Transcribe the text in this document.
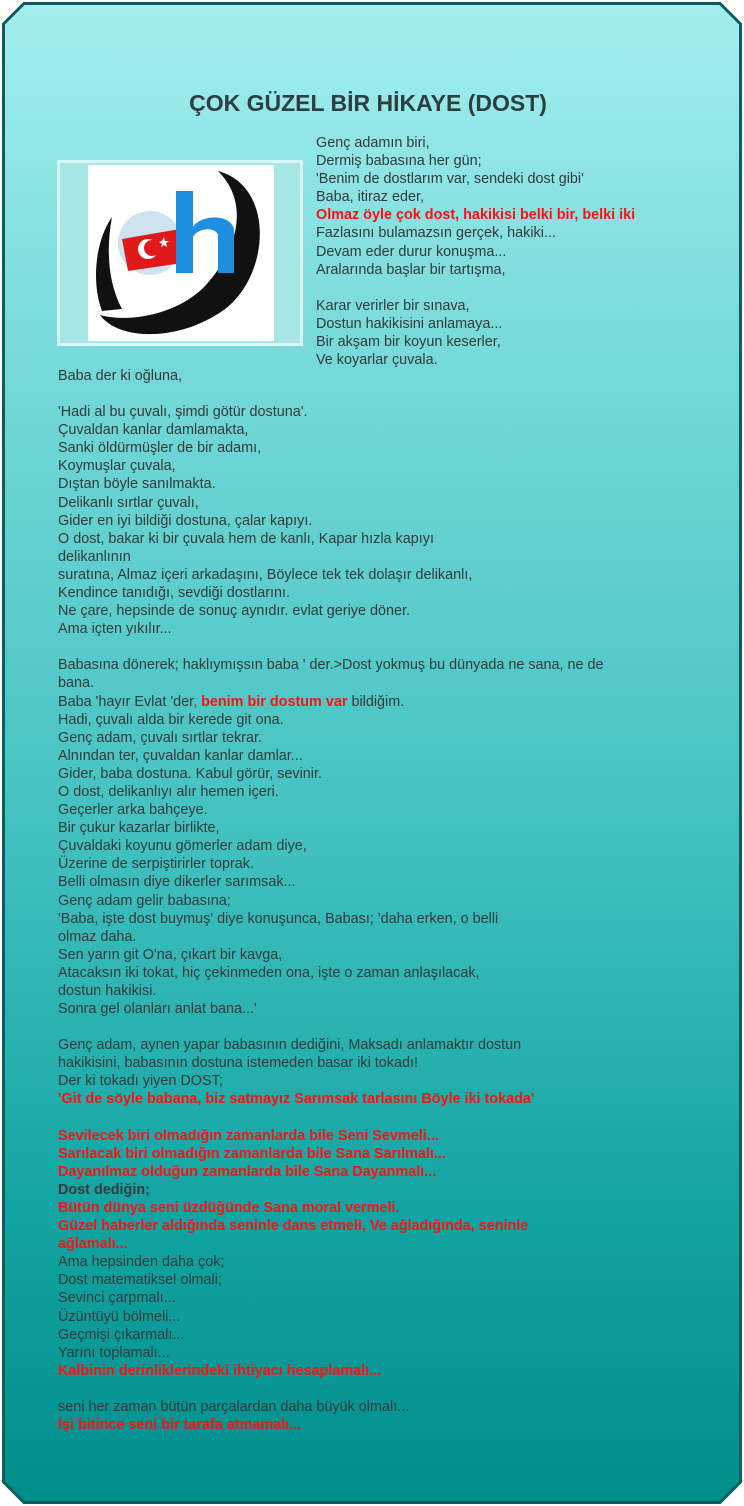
ÇOK GÜZEL BİR HİKAYE (DOST)

Genç adamın biri,

Dermiş babasına her gün;

'Benim de dostlarım var, sendeki dost gibi'

Baba, itiraz eder,

Olmaz öyle çok dost, hakikisi belki bir, belki iki

Fazlasını bulamazsın gerçek, hakiki...

Devam eder durur konuşma...

Aralarında başlar bir tartışma,

Karar verirler bir sınava,

Dostun hakikisini anlamaya...

Bir akşam bir koyun keserler,

Ve koyarlar çuvala.

Baba der ki oğluna,

'Hadi al bu çuvalı, şimdi götür dostuna'.

Çuvaldan kanlar damlamakta,

Sanki öldürmüşler de bir adamı,

Koymuşlar çuvala,

Dıştan böyle sanılmakta.

Delikanlı sırtlar çuvalı,

Gider en iyi bildiği dostuna, çalar kapıyı.

O dost, bakar ki bir çuvala hem de kanlı, Kapar hızla kapıyı

delikanlının

suratına, Almaz içeri arkadaşını, Böylece tek tek dolaşır delikanlı,

Kendince tanıdığı, sevdiği dostlarını.

Ne çare, hepsinde de sonuç aynıdır. evlat geriye döner.

Ama içten yıkılır...

Babasına dönerek; haklıymışsın baba ' der.>Dost yokmuş bu dünyada ne sana, ne de

bana.

Baba 'hayır Evlat 'der, benim bir dostum var bildiğim.

Hadi, çuvalı alda bir kerede git ona.

Genç adam, çuvalı sırtlar tekrar.

Alnından ter, çuvaldan kanlar damlar...

Gider, baba dostuna. Kabul görür, sevinir.

O dost, delikanlıyı alır hemen içeri.

Geçerler arka bahçeye.

Bir çukur kazarlar birlikte,

Çuvaldaki koyunu gömerler adam diye,

Üzerine de serpiştirirler toprak.

Belli olmasın diye dikerler sarımsak...

Genç adam gelir babasına;

'Baba, işte dost buymuş' diye konuşunca, Babası; 'daha erken, o belli

olmaz daha.

Sen yarın git O'na, çıkart bir kavga,

Atacaksın iki tokat, hiç çekinmeden ona, işte o zaman anlaşılacak,

dostun hakikisi.

Sonra gel olanları anlat bana...'

Genç adam, aynen yapar babasının dediğini, Maksadı anlamaktır dostun

hakikisini, babasının dostuna istemeden basar iki tokadı!

Der ki tokadı yiyen DOST;

'Git de söyle babana, biz satmayız Sarımsak tarlasını Böyle iki tokada'

Sevilecek biri olmadığın zamanlarda bile Seni Sevmeli...

Sarılacak biri olmadığın zamanlarda bile Sana Sarılmalı...

Dayanılmaz olduğun zamanlarda bile Sana Dayanmalı...

Dost dediğin;

Bütün dünya seni üzdüğünde Sana moral vermeli.

Güzel haberler aldığında seninle dans etmeli, Ve ağladığında, seninle

ağlamalı...

Ama hepsinden daha çok;

Dost matematiksel olmali;

Sevinci çarpmalı...

Üzüntüyü bölmeli...

Geçmişi çıkarmalı...

Yarını toplamalı...

Kalbinin derinliklerindeki ihtiyacı hesaplamalı...

seni her zaman bütün parçalardan daha büyük olmalı...

İşi bitince seni bir tarafa atmamalı...
